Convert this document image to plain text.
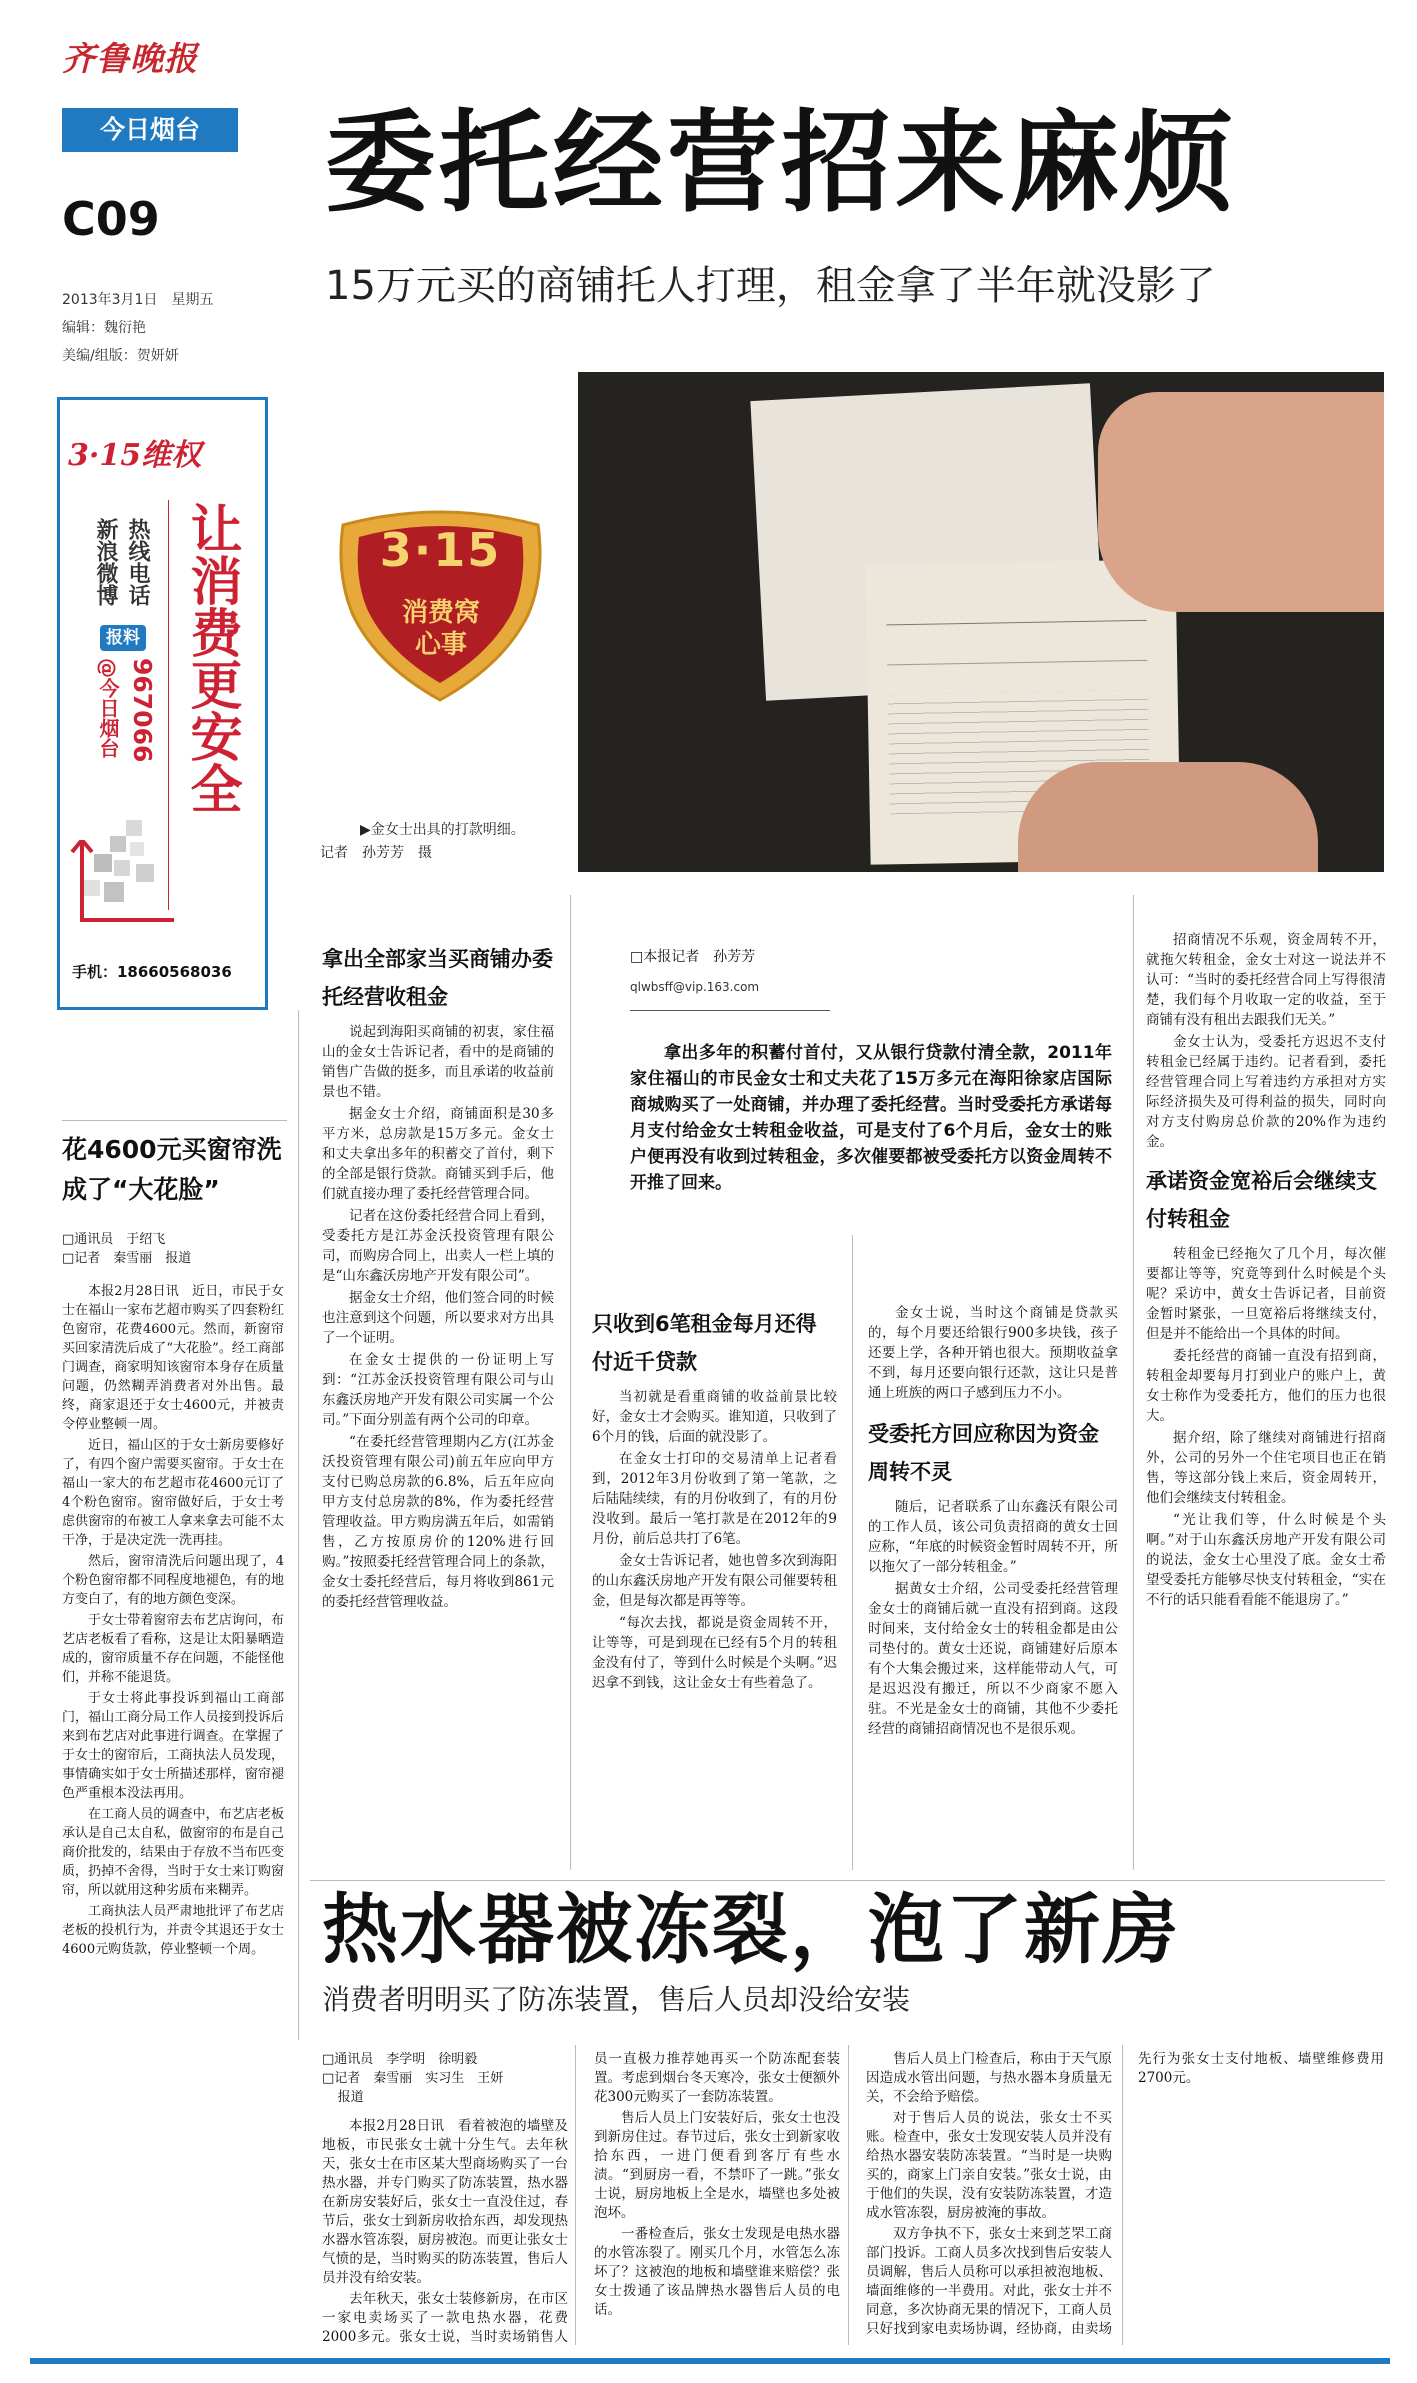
齐鲁晚报
今日烟台
C09
2013年3月1日　星期五
编辑：魏衍艳
美编/组版：贺妍妍
3·15维权
让消费更安全
热线电话
新浪微博
报料
967066
@今日烟台
手机：18660568036
委托经营招来麻烦
15万元买的商铺托人打理，租金拿了半年就没影了
3·15
消费窝心事
▶金女士出具的打款明细。
记者　孙芳芳　摄
拿出全部家当买商铺办委托经营收租金

说起到海阳买商铺的初衷，家住福山的金女士告诉记者，看中的是商铺的销售广告做的挺多，而且承诺的收益前景也不错。

据金女士介绍，商铺面积是30多平方米，总房款是15万多元。金女士和丈夫拿出多年的积蓄交了首付，剩下的全部是银行贷款。商铺买到手后，他们就直接办理了委托经营管理合同。

记者在这份委托经营合同上看到，受委托方是江苏金沃投资管理有限公司，而购房合同上，出卖人一栏上填的是“山东鑫沃房地产开发有限公司”。

据金女士介绍，他们签合同的时候也注意到这个问题，所以要求对方出具了一个证明。

在金女士提供的一份证明上写到：“江苏金沃投资管理有限公司与山东鑫沃房地产开发有限公司实属一个公司。”下面分别盖有两个公司的印章。

“在委托经营管理期内乙方(江苏金沃投资管理有限公司)前五年应向甲方支付已购总房款的6.8%，后五年应向甲方支付总房款的8%，作为委托经营管理收益。甲方购房满五年后，如需销售，乙方按原房价的120%进行回购。”按照委托经营管理合同上的条款，金女士委托经营后，每月将收到861元的委托经营管理收益。

□本报记者　孙芳芳
qlwbsff@vip.163.com
拿出多年的积蓄付首付，又从银行贷款付清全款，2011年家住福山的市民金女士和丈夫花了15万多元在海阳徐家店国际商城购买了一处商铺，并办理了委托经营。当时受委托方承诺每月支付给金女士转租金收益，可是支付了6个月后，金女士的账户便再没有收到过转租金，多次催要都被受委托方以资金周转不开推了回来。
只收到6笔租金每月还得付近千贷款

当初就是看重商铺的收益前景比较好，金女士才会购买。谁知道，只收到了6个月的钱，后面的就没影了。

在金女士打印的交易清单上记者看到，2012年3月份收到了第一笔款，之后陆陆续续，有的月份收到了，有的月份没收到。最后一笔打款是在2012年的9月份，前后总共打了6笔。

金女士告诉记者，她也曾多次到海阳的山东鑫沃房地产开发有限公司催要转租金，但是每次都是再等等。

“每次去找，都说是资金周转不开，让等等，可是到现在已经有5个月的转租金没有付了，等到什么时候是个头啊。”迟迟拿不到钱，这让金女士有些着急了。

金女士说，当时这个商铺是贷款买的，每个月要还给银行900多块钱，孩子还要上学，各种开销也很大。预期收益拿不到，每月还要向银行还款，这让只是普通上班族的两口子感到压力不小。

受委托方回应称因为资金周转不灵

随后，记者联系了山东鑫沃有限公司的工作人员，该公司负责招商的黄女士回应称，“年底的时候资金暂时周转不开，所以拖欠了一部分转租金。”

据黄女士介绍，公司受委托经营管理金女士的商铺后就一直没有招到商。这段时间来，支付给金女士的转租金都是由公司垫付的。黄女士还说，商铺建好后原本有个大集会搬过来，这样能带动人气，可是迟迟没有搬迁，所以不少商家不愿入驻。不光是金女士的商铺，其他不少委托经营的商铺招商情况也不是很乐观。

招商情况不乐观，资金周转不开，就拖欠转租金，金女士对这一说法并不认可：“当时的委托经营合同上写得很清楚，我们每个月收取一定的收益，至于商铺有没有租出去跟我们无关。”

金女士认为，受委托方迟迟不支付转租金已经属于违约。记者看到，委托经营管理合同上写着违约方承担对方实际经济损失及可得利益的损失，同时向对方支付购房总价款的20%作为违约金。

承诺资金宽裕后会继续支付转租金

转租金已经拖欠了几个月，每次催要都让等等，究竟等到什么时候是个头呢？采访中，黄女士告诉记者，目前资金暂时紧张，一旦宽裕后将继续支付，但是并不能给出一个具体的时间。

委托经营的商铺一直没有招到商，转租金却要每月打到业户的账户上，黄女士称作为受委托方，他们的压力也很大。

据介绍，除了继续对商铺进行招商外，公司的另外一个住宅项目也正在销售，等这部分钱上来后，资金周转开，他们会继续支付转租金。

“光让我们等，什么时候是个头啊。”对于山东鑫沃房地产开发有限公司的说法，金女士心里没了底。金女士希望受委托方能够尽快支付转租金，“实在不行的话只能看看能不能退房了。”

花4600元买窗帘洗成了“大花脸”
□通讯员　于绍飞
□记者　秦雪丽　报道

本报2月28日讯　近日，市民于女士在福山一家布艺超市购买了四套粉红色窗帘，花费4600元。然而，新窗帘买回家清洗后成了“大花脸”。经工商部门调查，商家明知该窗帘本身存在质量问题，仍然糊弄消费者对外出售。最终，商家退还于女士4600元，并被责令停业整顿一周。

近日，福山区的于女士新房要修好了，有四个窗户需要买窗帘。于女士在福山一家大的布艺超市花4600元订了4个粉色窗帘。窗帘做好后，于女士考虑供窗帘的布被工人拿来拿去可能不太干净，于是决定洗一洗再挂。

然后，窗帘清洗后问题出现了，4个粉色窗帘都不同程度地褪色，有的地方变白了，有的地方颜色变深。

于女士带着窗帘去布艺店询问，布艺店老板看了看称，这是让太阳暴晒造成的，窗帘质量不存在问题，不能怪他们，并称不能退货。

于女士将此事投诉到福山工商部门，福山工商分局工作人员接到投诉后来到布艺店对此事进行调查。在掌握了于女士的窗帘后，工商执法人员发现，事情确实如于女士所描述那样，窗帘褪色严重根本没法再用。

在工商人员的调查中，布艺店老板承认是自己太自私，做窗帘的布是自己商价批发的，结果由于存放不当布匹变质，扔掉不舍得，当时于女士来订购窗帘，所以就用这种劣质布来糊弄。

工商执法人员严肃地批评了布艺店老板的投机行为，并责令其退还于女士4600元购货款，停业整顿一个周。 热水器被冻裂，泡了新房
消费者明明买了防冻装置，售后人员却没给安装
□通讯员　李学明　徐明毅
□记者　秦雪丽　实习生　王妍
报道

本报2月28日讯　看着被泡的墙壁及地板，市民张女士就十分生气。去年秋天，张女士在市区某大型商场购买了一台热水器，并专门购买了防冻装置，热水器在新房安装好后，张女士一直没住过，春节后，张女士到新房收拾东西，却发现热水器水管冻裂，厨房被泡。而更让张女士气愤的是，当时购买的防冻装置，售后人员并没有给安装。

去年秋天，张女士装修新房，在市区一家电卖场买了一款电热水器，花费2000多元。张女士说，当时卖场销售人员一直极力推荐她再买一个防冻配套装置。考虑到烟台冬天寒冷，张女士便额外花300元购买了一套防冻装置。

售后人员上门安装好后，张女士也没到新房住过。春节过后，张女士到新家收拾东西，一进门便看到客厅有些水渍。“到厨房一看，不禁吓了一跳。”张女士说，厨房地板上全是水，墙壁也多处被泡坏。

一番检查后，张女士发现是电热水器的水管冻裂了。刚买几个月，水管怎么冻坏了？这被泡的地板和墙壁谁来赔偿？张女士拨通了该品牌热水器售后人员的电话。

售后人员上门检查后，称由于天气原因造成水管出问题，与热水器本身质量无关，不会给予赔偿。

对于售后人员的说法，张女士不买账。检查中，张女士发现安装人员并没有给热水器安装防冻装置。“当时是一块购买的，商家上门亲自安装。”张女士说，由于他们的失误，没有安装防冻装置，才造成水管冻裂，厨房被淹的事故。

双方争执不下，张女士来到芝罘工商部门投诉。工商人员多次找到售后安装人员调解，售后人员称可以承担被泡地板、墙面维修的一半费用。对此，张女士并不同意，多次协商无果的情况下，工商人员只好找到家电卖场协调，经协商，由卖场先行为张女士支付地板、墙壁维修费用2700元。
